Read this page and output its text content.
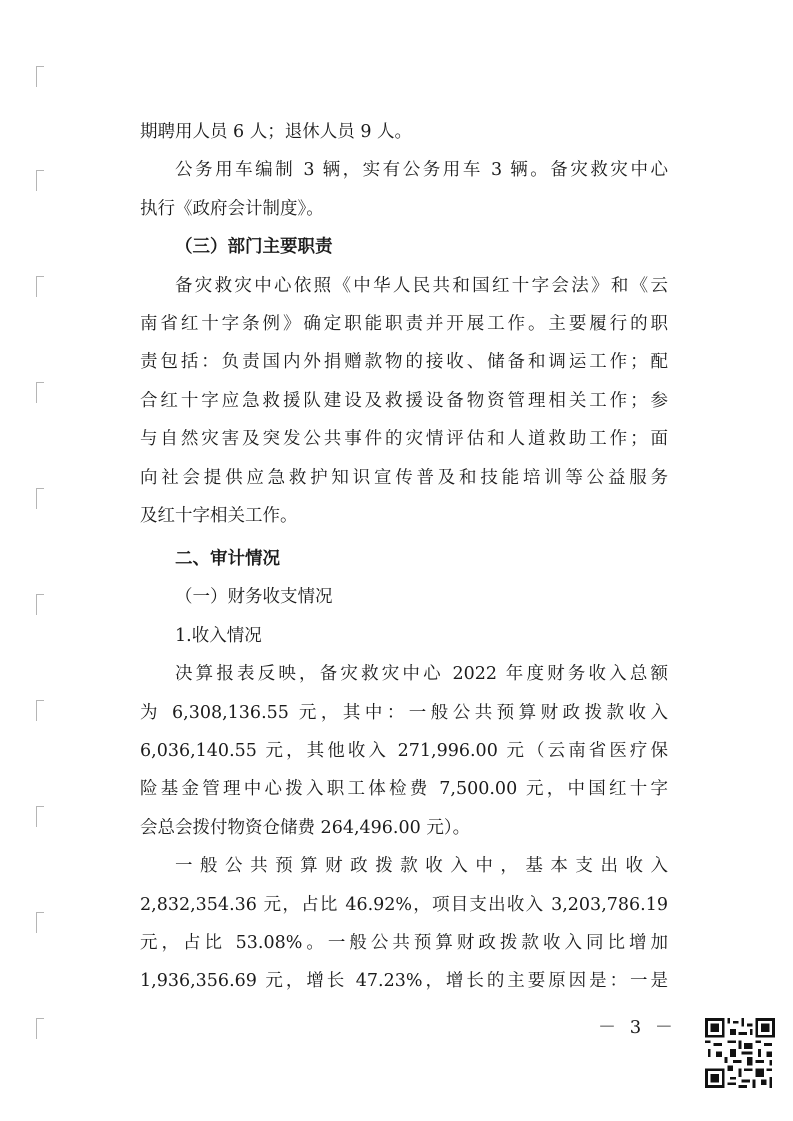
期聘用人员 6 人；退休人员 9 人。
公务用车编制 3 辆，实有公务用车 3 辆。备灾救灾中心
执行《政府会计制度》。
（三）部门主要职责
备灾救灾中心依照《中华人民共和国红十字会法》和《云
南省红十字条例》确定职能职责并开展工作。主要履行的职
责包括：负责国内外捐赠款物的接收、储备和调运工作；配
合红十字应急救援队建设及救援设备物资管理相关工作；参
与自然灾害及突发公共事件的灾情评估和人道救助工作；面
向社会提供应急救护知识宣传普及和技能培训等公益服务
及红十字相关工作。
二、审计情况
（一）财务收支情况
1.收入情况
决算报表反映，备灾救灾中心 2022 年度财务收入总额
为 6,308,136.55 元，其中：一般公共预算财政拨款收入
6,036,140.55 元，其他收入 271,996.00 元（云南省医疗保
险基金管理中心拨入职工体检费 7,500.00 元，中国红十字
会总会拨付物资仓储费 264,496.00 元）。
一般公共预算财政拨款收入中，基本支出收入
2,832,354.36 元，占比 46.92%，项目支出收入 3,203,786.19
元，占比 53.08%。一般公共预算财政拨款收入同比增加
1,936,356.69 元，增长 47.23%，增长的主要原因是：一是
－ 3 －
